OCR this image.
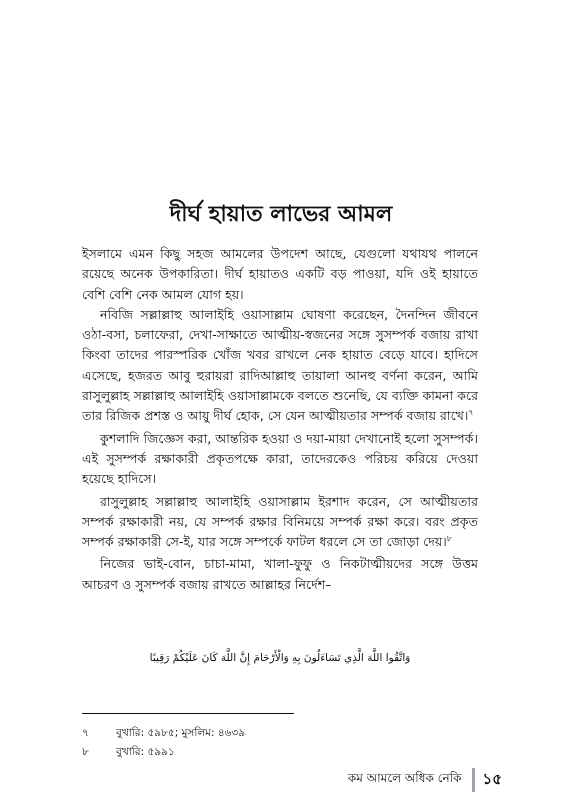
দীর্ঘ হায়াত লাভের আমল

ইসলামে এমন কিছু সহজ আমলের উপদেশ আছে, যেগুলো যথাযথ পালনে রয়েছে অনেক উপকারিতা। দীর্ঘ হায়াতও একটি বড় পাওয়া, যদি ওই হায়াতে বেশি বেশি নেক আমল যোগ হয়।

নবিজি সল্লাল্লাহু আলাইহি ওয়াসাল্লাম ঘোষণা করেছেন, দৈনন্দিন জীবনে ওঠা-বসা, চলাফেরা, দেখা-সাক্ষাতে আত্মীয়-স্বজনের সঙ্গে সুসম্পর্ক বজায় রাখা কিংবা তাদের পারস্পরিক খোঁজ খবর রাখলে নেক হায়াত বেড়ে যাবে। হাদিসে এসেছে, হজরত আবু হুরায়রা রাদিআল্লাহু তায়ালা আনহু বর্ণনা করেন, আমি রাসুলুল্লাহ সল্লাল্লাহু আলাইহি ওয়াসাল্লামকে বলতে শুনেছি, যে ব্যক্তি কামনা করে তার রিজিক প্রশস্ত ও আয়ু দীর্ঘ হোক, সে যেন আত্মীয়তার সম্পর্ক বজায় রাখে।$^৭$

কুশলাদি জিজ্ঞেস করা, আন্তরিক হওয়া ও দয়া-মায়া দেখানোই হলো সুসম্পর্ক। এই সুসম্পর্ক রক্ষাকারী প্রকৃতপক্ষে কারা, তাদেরকেও পরিচয় করিয়ে দেওয়া হয়েছে হাদিসে।

রাসুলুল্লাহ সল্লাল্লাহু আলাইহি ওয়াসাল্লাম ইরশাদ করেন, সে আত্মীয়তার সম্পর্ক রক্ষাকারী নয়, যে সম্পর্ক রক্ষার বিনিময়ে সম্পর্ক রক্ষা করে। বরং প্রকৃত সম্পর্ক রক্ষাকারী সে-ই, যার সঙ্গে সম্পর্কে ফাটল ধরলে সে তা জোড়া দেয়।$^৮$

নিজের ভাই-বোন, চাচা-মামা, খালা-ফুফু ও নিকটাত্মীয়দের সঙ্গে উত্তম আচরণ ও সুসম্পর্ক বজায় রাখতে আল্লাহর নির্দেশ–

وَاتَّقُوا اللَّهَ الَّذِي تَسَاءَلُونَ بِهِ وَالْأَرْحَامَ إِنَّ اللَّهَ كَانَ عَلَيْكُمْ رَقِيبًا
৭	বুখারি: ৫৯৮৫; মুসলিম: ৪৬৩৯
৮	বুখারি: ৫৯৯১
কম আমলে অধিক নেকি ১৫
